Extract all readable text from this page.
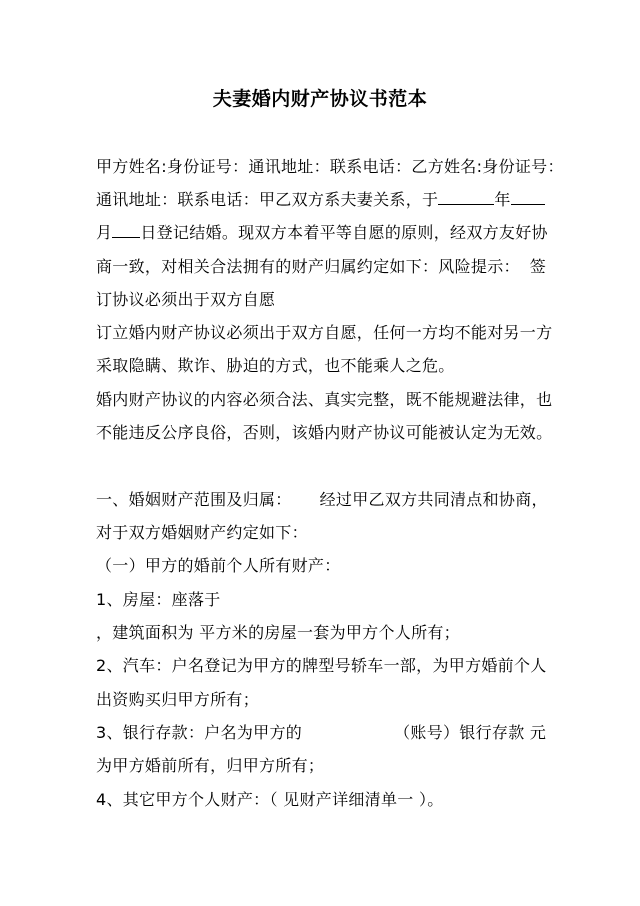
夫妻婚内财产协议书范本
甲方姓名:身份证号：通讯地址：联系电话：乙方姓名:身份证号：
通讯地址：联系电话：甲乙双方系夫妻关系，于	年
月 日登记结婚。现双方本着平等自愿的原则，经双方友好协
商一致，对相关合法拥有的财产归属约定如下：风险提示： 签
订协议必须出于双方自愿
订立婚内财产协议必须出于双方自愿，任何一方均不能对另一方
采取隐瞒、欺诈、胁迫的方式，也不能乘人之危。
婚内财产协议的内容必须合法、真实完整，既不能规避法律，也
不能违反公序良俗，否则，该婚内财产协议可能被认定为无效。
一、婚姻财产范围及归属： 经过甲乙双方共同清点和协商，
对于双方婚姻财产约定如下：
（一）甲方的婚前个人所有财产：
1、房屋：座落于
，建筑面积为 平方米的房屋一套为甲方个人所有；
2、汽车：户名登记为甲方的牌型号轿车一部，为甲方婚前个人
出资购买归甲方所有；
3、银行存款：户名为甲方的	（账号）银行存款 元
为甲方婚前所有，归甲方所有；
4、其它甲方个人财产：（ 见财产详细清单一 ）。
